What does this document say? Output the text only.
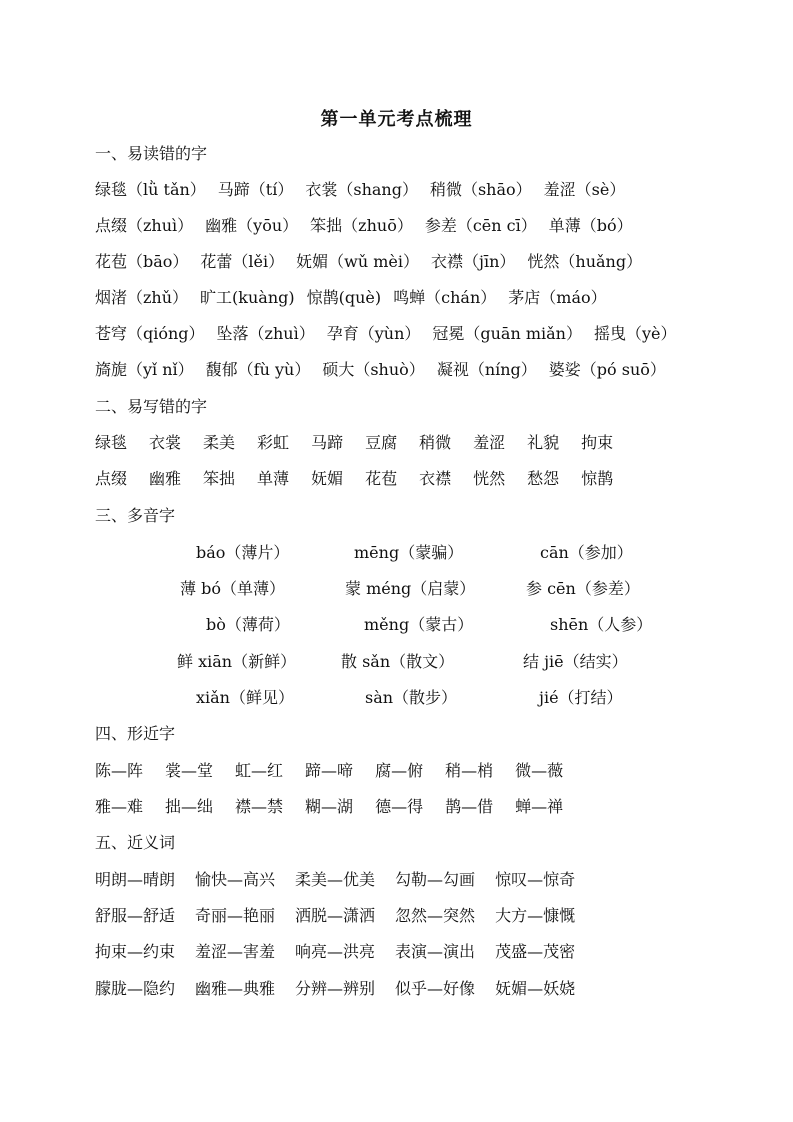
第一单元考点梳理
一、易读错的字
绿毯（lǜ tǎn） 马蹄（tí） 衣裳（shang） 稍微（shāo） 羞涩（sè）
点缀（zhuì） 幽雅（yōu） 笨拙（zhuō） 参差（cēn cī） 单薄（bó）
花苞（bāo） 花蕾（lěi） 妩媚（wǔ mèi） 衣襟（jīn） 恍然（huǎng）
烟渚（zhǔ） 旷工(kuàng) 惊鹊(què) 鸣蝉（chán） 茅店（máo）
苍穹（qióng） 坠落（zhuì） 孕育（yùn） 冠冕（guān miǎn） 摇曳（yè）
旖旎（yǐ nǐ） 馥郁（fù yù） 硕大（shuò） 凝视（níng） 婆娑（pó suō）
二、易写错的字
绿毯 衣裳 柔美 彩虹 马蹄 豆腐 稍微 羞涩 礼貌 拘束
点缀 幽雅 笨拙 单薄 妩媚 花苞 衣襟 恍然 愁怨 惊鹊
三、多音字
báo（薄片）	mēng（蒙骗）	cān（参加）
薄 bó（单薄）	蒙 méng（启蒙）	参 cēn（参差）
bò（薄荷）	měng（蒙古）	shēn（人参）
鲜 xiān（新鲜）	散 sǎn（散文）	结 jiē（结实）
xiǎn（鲜见）	sàn（散步）	jié（打结）
四、形近字
陈—阵 裳—堂 虹—红 蹄—啼 腐—俯 稍—梢 微—薇
雅—难 拙—绌 襟—禁 糊—湖 德—得 鹊—借 蝉—禅
五、近义词
明朗—晴朗 愉快—高兴 柔美—优美 勾勒—勾画 惊叹—惊奇
舒服—舒适 奇丽—艳丽 洒脱—潇洒 忽然—突然 大方—慷慨
拘束—约束 羞涩—害羞 响亮—洪亮 表演—演出 茂盛—茂密
朦胧—隐约 幽雅—典雅 分辨—辨别 似乎—好像 妩媚—妖娆
